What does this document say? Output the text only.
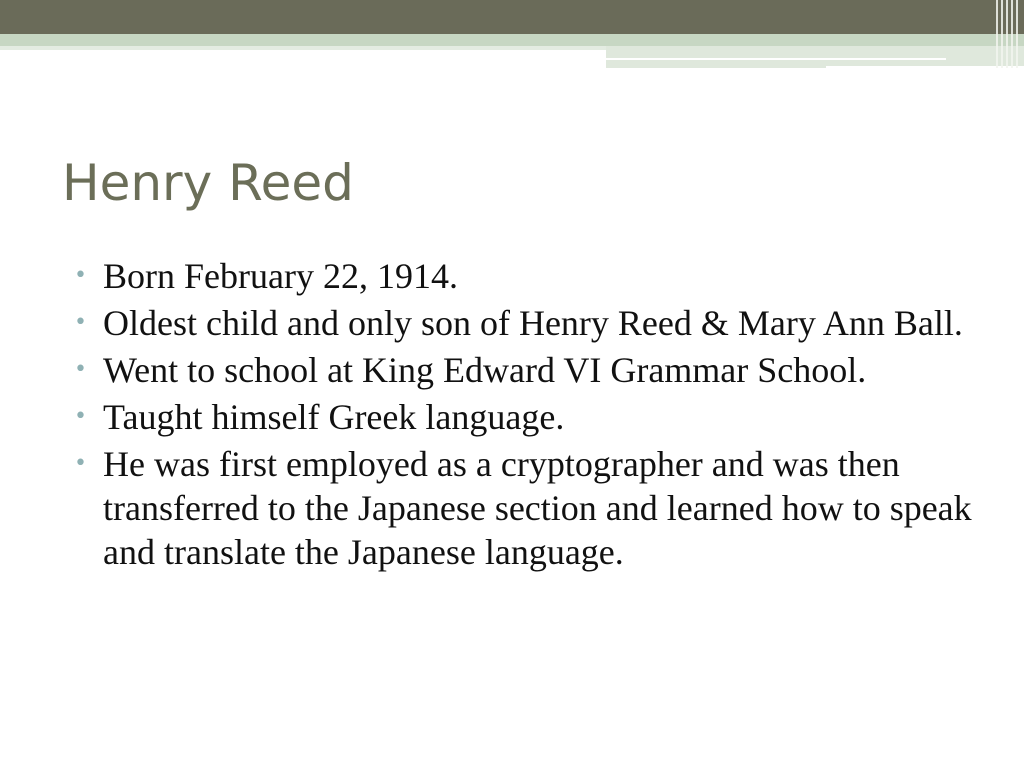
Henry Reed
• Born February 22, 1914.
• Oldest child and only son of Henry Reed & Mary Ann Ball.
• Went to school at King Edward VI Grammar School.
• Taught himself Greek language.
• He was first employed as a cryptographer and was then transferred to the Japanese section and learned how to speak and translate the Japanese language.
